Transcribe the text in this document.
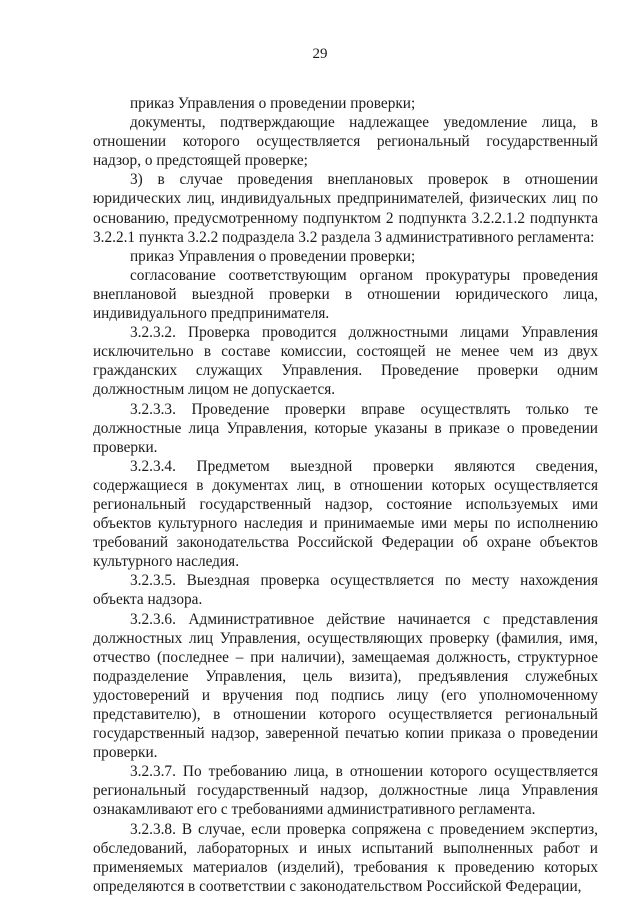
29

приказ Управления о проведении проверки;

документы, подтверждающие надлежащее уведомление лица, в отношении которого осуществляется региональный государственный надзор, о предстоящей проверке;

3) в случае проведения внеплановых проверок в отношении юридических лиц, индивидуальных предпринимателей, физических лиц по основанию, предусмотренному подпунктом 2 подпункта 3.2.2.1.2 подпункта 3.2.2.1 пункта 3.2.2 подраздела 3.2 раздела 3 административного регламента:

приказ Управления о проведении проверки;

согласование соответствующим органом прокуратуры проведения внеплановой выездной проверки в отношении юридического лица, индивидуального предпринимателя.

3.2.3.2. Проверка проводится должностными лицами Управления исключительно в составе комиссии, состоящей не менее чем из двух гражданских служащих Управления. Проведение проверки одним должностным лицом не допускается.

3.2.3.3. Проведение проверки вправе осуществлять только те должностные лица Управления, которые указаны в приказе о проведении проверки.

3.2.3.4. Предметом выездной проверки являются сведения, содержащиеся в документах лиц, в отношении которых осуществляется региональный государственный надзор, состояние используемых ими объектов культурного наследия и принимаемые ими меры по исполнению требований законодательства Российской Федерации об охране объектов культурного наследия.

3.2.3.5. Выездная проверка осуществляется по месту нахождения объекта надзора.

3.2.3.6. Административное действие начинается с представления должностных лиц Управления, осуществляющих проверку (фамилия, имя, отчество (последнее – при наличии), замещаемая должность, структурное подразделение Управления, цель визита), предъявления служебных удостоверений и вручения под подпись лицу (его уполномоченному представителю), в отношении которого осуществляется региональный государственный надзор, заверенной печатью копии приказа о проведении проверки.

3.2.3.7. По требованию лица, в отношении которого осуществляется региональный государственный надзор, должностные лица Управления ознакамливают его с требованиями административного регламента.

3.2.3.8. В случае, если проверка сопряжена с проведением экспертиз, обследований, лабораторных и иных испытаний выполненных работ и применяемых материалов (изделий), требования к проведению которых определяются в соответствии с законодательством Российской Федерации,
